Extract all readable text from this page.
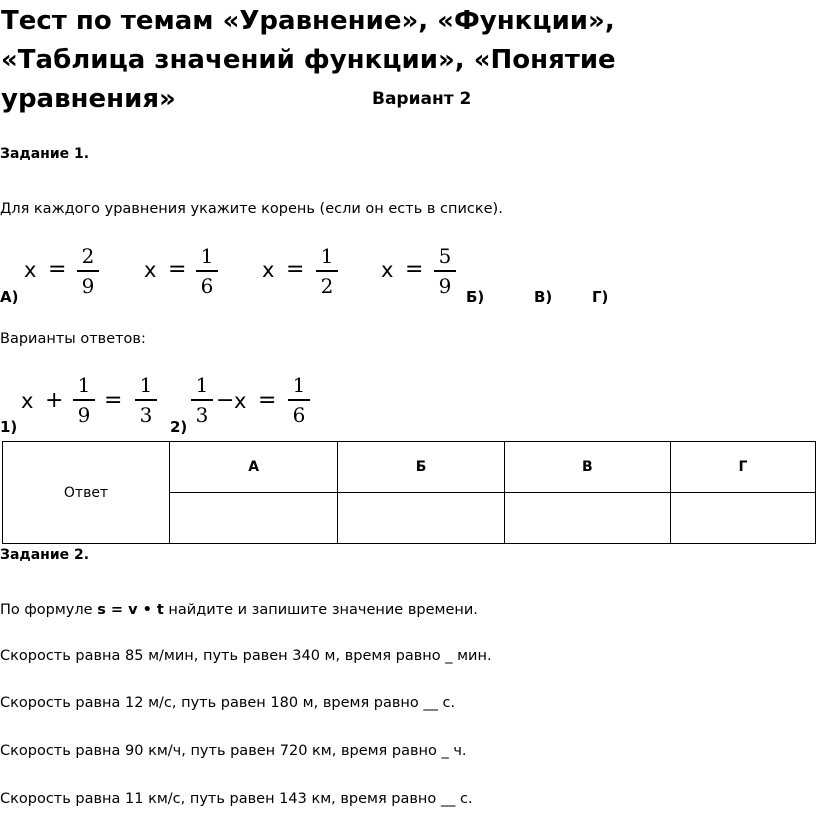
Тест по темам «Уравнение», «Функции», «Таблица значений функции», «Понятие уравнения»	Вариант 2
Задание 1.
Для каждого уравнения укажите корень (если он есть в списке).
А)
x =
2
9
x =
1
6
x =
1
2
x =
5
9 Б)	В)	Г)
Варианты ответов:
1)
x +
1
9
=
1
3
2)
1
3
− x =
1
6
Ответ	А	Б	В	Г

Задание 2.
По формуле s = v • t найдите и запишите значение времени.
Скорость равна 85 м/мин, путь равен 340 м, время равно _ мин.
Скорость равна 12 м/с, путь равен 180 м, время равно __ с.
Скорость равна 90 км/ч, путь равен 720 км, время равно _ ч.
Скорость равна 11 км/с, путь равен 143 км, время равно __ с.
